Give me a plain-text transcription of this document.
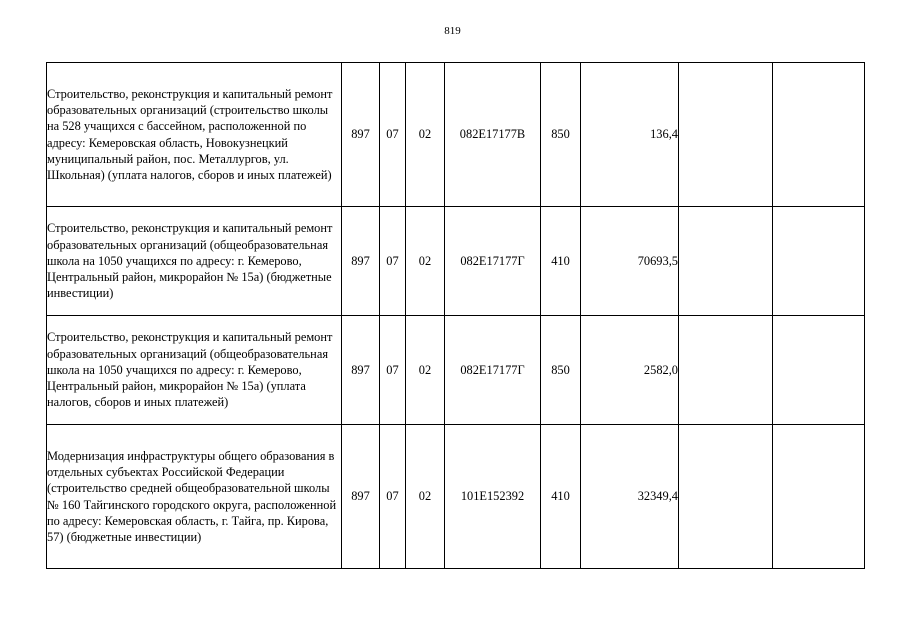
819
Строительство, реконструкция и капитальный ремонт образовательных организаций (строительство школы на 528 учащихся с бассейном, расположенной по адресу: Кемеровская область, Новокузнецкий муниципальный район, пос. Металлургов, ул. Школьная) (уплата налогов, сборов и иных платежей)	897	07	02	082E17177B	850	136,4		
Строительство, реконструкция и капитальный ремонт образовательных организаций (общеобразовательная школа на 1050 учащихся по адресу: г. Кемерово, Центральный район, микрорайон № 15а) (бюджетные инвестиции)	897	07	02	082E17177Г	410	70693,5		
Строительство, реконструкция и капитальный ремонт образовательных организаций (общеобразовательная школа на 1050 учащихся по адресу: г. Кемерово, Центральный район, микрорайон № 15а) (уплата налогов, сборов и иных платежей)	897	07	02	082E17177Г	850	2582,0		
Модернизация инфраструктуры общего образования в отдельных субъектах Российской Федерации (строительство средней общеобразовательной школы № 160 Тайгинского городского округа, расположенной по адресу: Кемеровская область, г. Тайга, пр. Кирова, 57) (бюджетные инвестиции)	897	07	02	101E152392	410	32349,4		
